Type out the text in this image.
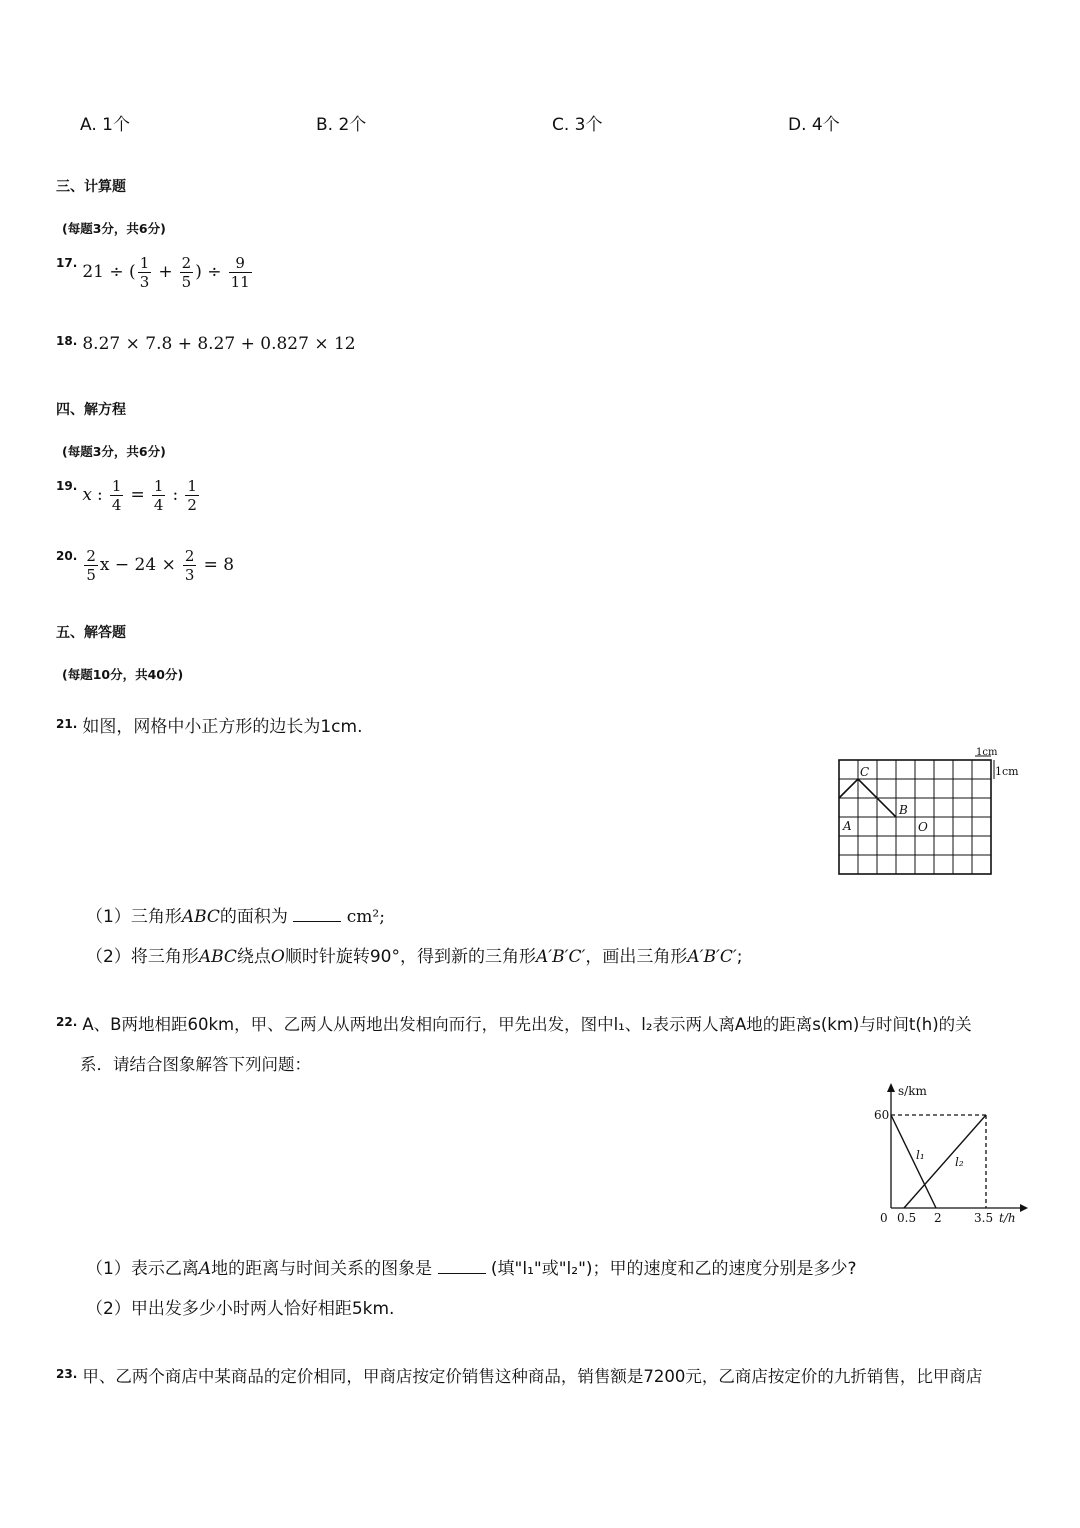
A. 1个	B. 2个	C. 3个	D. 4个
三、计算题
(每题3分，共6分)
$^{17.}$ 21 ÷ ( $\frac{1}{3} + \frac{2}{5}$ ) ÷ $\frac{9}{11}$
$^{18.}$ 8.27 × 7.8 + 8.27 + 0.827 × 12
四、解方程
(每题3分，共6分)
$^{19.}$ x : $\frac{1}{4} = \frac{1}{4}$ : $\frac{1}{2}$
$^{20.} \frac{2}{5}$ $x - 24 \times \frac{2}{3} = 8$
五、解答题
(每题10分，共40分)
$^{21.}$ 如图，网格中小正方形的边长为1cm.
1cm
1cm
C
B
A	O
（1）三角形ABC的面积为	cm²;
（2）将三角形ABC绕点O顺时针旋转90°，得到新的三角形A′B′C′，画出三角形A′B′C′;
$^{22.}$ A、B两地相距60km，甲、乙两人从两地出发相向而行，甲先出发，图中l₁、l₂表示两人离A地的距离s(km)与时间t(h)的关
系．请结合图象解答下列问题：
s/km
60
0 0.5 2	3.5 t/h
l₁	l₂
（1）表示乙离A地的距离与时间关系的图象是	(填"l₁"或"l₂")；甲的速度和乙的速度分别是多少?
（2）甲出发多少小时两人恰好相距5km.
$^{23.}$ 甲、乙两个商店中某商品的定价相同，甲商店按定价销售这种商品，销售额是7200元，乙商店按定价的九折销售，比甲商店
